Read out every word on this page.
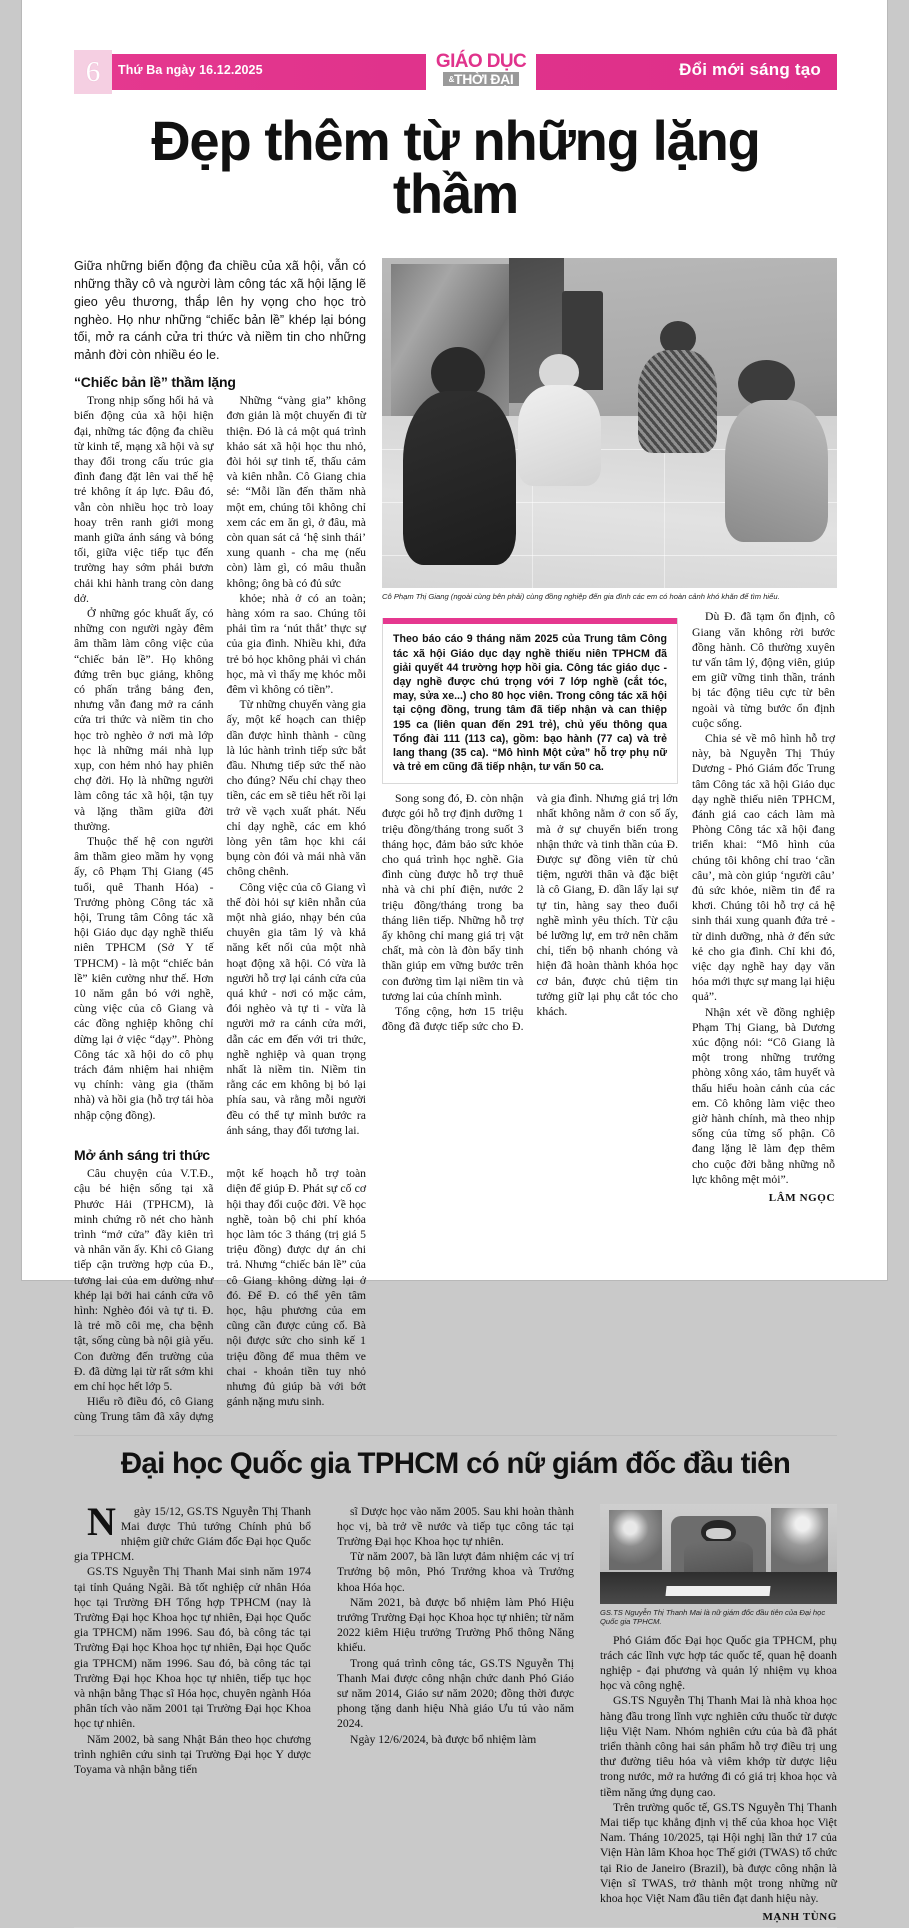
6 Thứ Ba ngày 16.12.2025	Đổi mới sáng tạo
GIÁO DỤC
&THỜI ĐẠI
Đẹp thêm từ những lặng thầm
Giữa những biến động đa chiều của xã hội, vẫn có những thầy cô và người làm công tác xã hội lặng lẽ gieo yêu thương, thắp lên hy vọng cho học trò nghèo. Họ như những “chiếc bản lề” khép lại bóng tối, mở ra cánh cửa tri thức và niềm tin cho những mảnh đời còn nhiều éo le.
“Chiếc bản lề” thầm lặng

Trong nhịp sống hối hả và biến động của xã hội hiện đại, những tác động đa chiều từ kinh tế, mạng xã hội và sự thay đổi trong cấu trúc gia đình đang đặt lên vai thế hệ trẻ không ít áp lực. Đâu đó, vẫn còn nhiều học trò loay hoay trên ranh giới mong manh giữa ánh sáng và bóng tối, giữa việc tiếp tục đến trường hay sớm phải bươn chải khi hành trang còn dang dở.

Ở những góc khuất ấy, có những con người ngày đêm âm thầm làm công việc của “chiếc bản lề”. Họ không đứng trên bục giảng, không có phấn trắng bảng đen, nhưng vẫn đang mở ra cánh cửa tri thức và niềm tin cho học trò nghèo ở nơi mà lớp học là những mái nhà lụp xụp, con hẻm nhỏ hay phiên chợ đời. Họ là những người làm công tác xã hội, tận tụy và lặng thầm giữa đời thường.

Thuộc thế hệ con người âm thầm gieo mầm hy vọng ấy, cô Phạm Thị Giang (45 tuổi, quê Thanh Hóa) - Trưởng phòng Công tác xã hội, Trung tâm Công tác xã hội Giáo dục dạy nghề thiếu niên TPHCM (Sở Y tế TPHCM) - là một “chiếc bản lề” kiên cường như thế. Hơn 10 năm gắn bó với nghề, cùng việc của cô Giang và các đồng nghiệp không chỉ dừng lại ở việc “dạy”. Phòng Công tác xã hội do cô phụ trách đảm nhiệm hai nhiệm vụ chính: vàng gia (thăm nhà) và hồi gia (hỗ trợ tái hòa nhập cộng đồng).

Những “vàng gia” không đơn giản là một chuyến đi từ thiện. Đó là cả một quá trình khảo sát xã hội học thu nhỏ, đòi hỏi sự tinh tế, thấu cảm và kiên nhẫn. Cô Giang chia sẻ: “Mỗi lần đến thăm nhà một em, chúng tôi không chỉ xem các em ăn gì, ở đâu, mà còn quan sát cả ‘hệ sinh thái’ xung quanh - cha mẹ (nếu còn) làm gì, có mâu thuẫn không; ông bà có đủ sức

khỏe; nhà ở có an toàn; hàng xóm ra sao. Chúng tôi phải tìm ra ‘nút thắt’ thực sự của gia đình. Nhiều khi, đứa trẻ bỏ học không phải vì chán học, mà vì thấy mẹ khóc mỗi đêm vì không có tiền”.

Từ những chuyến vàng gia ấy, một kế hoạch can thiệp dần được hình thành - cũng là lúc hành trình tiếp sức bắt đầu. Nhưng tiếp sức thế nào cho đúng? Nếu chỉ chạy theo tiền, các em sẽ tiêu hết rồi lại trở về vạch xuất phát. Nếu chỉ dạy nghề, các em khó lòng yên tâm học khi cái bụng còn đói và mái nhà văn chông chênh.

Công việc của cô Giang vì thế đòi hỏi sự kiên nhẫn của một nhà giáo, nhạy bén của chuyên gia tâm lý và khả năng kết nối của một nhà hoạt động xã hội. Có vừa là người hỗ trợ lại cánh cửa của quá khứ - nơi có mặc cảm, đói nghèo và tự ti - vừa là người mở ra cánh cửa mới, dẫn các em đến với tri thức, nghề nghiệp và quan trọng nhất là niềm tin. Niềm tin rằng các em không bị bỏ lại phía sau, và rằng mỗi người đều có thể tự mình bước ra ánh sáng, thay đổi tương lai.

Mở ánh sáng tri thức

Câu chuyện của V.T.Đ., cậu bé hiện sống tại xã Phước Hải (TPHCM), là minh chứng rõ nét cho hành trình “mở cửa” đầy kiên trì và nhân văn ấy. Khi cô Giang tiếp cận trường hợp của Đ., tương lai của em dường như khép lại bởi hai cánh cửa vô hình: Nghèo đói và tự ti. Đ. là trẻ mồ côi mẹ, cha bệnh tật, sống cùng bà nội già yếu. Con đường đến trường của Đ. đã dừng lại từ rất sớm khi em chỉ học hết lớp 5.

Hiểu rõ điều đó, cô Giang cùng Trung tâm đã xây dựng một kế hoạch hỗ trợ toàn diện để giúp Đ. Phát sự cố cơ hội thay đổi cuộc đời. Về học nghề, toàn bộ chi phí khóa học làm tóc 3 tháng (trị giá 5 triệu đồng) được dự án chi trả. Nhưng “chiếc bản lề” của cô Giang không dừng lại ở đó. Để Đ. có thể yên tâm học, hậu phương của em cũng cần được củng cố. Bà nội được sức cho sinh kế 1 triệu đồng để mua thêm ve chai - khoản tiền tuy nhỏ nhưng đủ giúp bà với bớt gánh nặng mưu sinh.

Cô Phạm Thị Giang (ngoài cùng bên phải) cùng đồng nghiệp đến gia đình các em có hoàn cảnh khó khăn để tìm hiểu.

Theo báo cáo 9 tháng năm 2025 của Trung tâm Công tác xã hội Giáo dục dạy nghề thiếu niên TPHCM đã giải quyết 44 trường hợp hồi gia. Công tác giáo dục - dạy nghề được chú trọng với 7 lớp nghề (cắt tóc, may, sửa xe...) cho 80 học viên. Trong công tác xã hội tại cộng đồng, trung tâm đã tiếp nhận và can thiệp 195 ca (liên quan đến 291 trẻ), chủ yếu thông qua Tổng đài 111 (113 ca), gồm: bạo hành (77 ca) và trẻ lang thang (35 ca). “Mô hình Một cửa” hỗ trợ phụ nữ và trẻ em cũng đã tiếp nhận, tư vấn 50 ca.

Song song đó, Đ. còn nhận được gói hỗ trợ định dưỡng 1 triệu đồng/tháng trong suốt 3 tháng học, đảm bảo sức khỏe cho quá trình học nghề. Gia đình cùng được hỗ trợ thuê nhà và chi phí điện, nước 2 triệu đồng/tháng trong ba tháng liên tiếp. Những hỗ trợ ấy không chỉ mang giá trị vật chất, mà còn là đòn bẩy tinh thần giúp em vững bước trên con đường tìm lại niềm tin và tương lai của chính mình.

Tổng cộng, hơn 15 triệu đồng đã được tiếp sức cho Đ. và gia đình. Nhưng giá trị lớn nhất không nằm ở con số ấy, mà ở sự chuyển biến trong nhận thức và tinh thần của Đ. Được sự đồng viên từ chủ tiệm, người thân và đặc biệt là cô Giang, Đ. dần lấy lại sự tự tin, hàng say theo đuổi nghề mình yêu thích. Từ cậu bé lưỡng lự, em trở nên chăm chỉ, tiến bộ nhanh chóng và hiện đã hoàn thành khóa học cơ bản, được chủ tiệm tin tưởng giữ lại phụ cắt tóc cho khách.

Dù Đ. đã tạm ổn định, cô Giang văn không rời bước đồng hành. Cô thường xuyên tư vấn tâm lý, động viên, giúp em giữ vững tinh thần, tránh bị tác động tiêu cực từ bên ngoài và từng bước ổn định cuộc sống.

Chia sẻ về mô hình hỗ trợ này, bà Nguyễn Thị Thúy Dương - Phó Giám đốc Trung tâm Công tác xã hội Giáo dục dạy nghề thiếu niên TPHCM, đánh giá cao cách làm mà Phòng Công tác xã hội đang triển khai: “Mô hình của chúng tôi không chỉ trao ‘cần câu’, mà còn giúp ‘người câu’ đủ sức khỏe, niềm tin để ra khơi. Chúng tôi hỗ trợ cả hệ sinh thái xung quanh đứa trẻ - từ dinh dưỡng, nhà ở đến sức kẻ cho gia đình. Chỉ khi đó, việc dạy nghề hay dạy văn hóa mới thực sự mang lại hiệu quả”.

Nhận xét về đồng nghiệp Phạm Thị Giang, bà Dương xúc động nói: “Cô Giang là một trong những trưởng phòng xông xáo, tâm huyết và thấu hiểu hoàn cảnh của các em. Cô không làm việc theo giờ hành chính, mà theo nhịp sống của từng số phận. Cô đang lặng lẽ làm đẹp thêm cho cuộc đời bằng những nỗ lực không mệt mỏi”.

LÂM NGỌC
Đại học Quốc gia TPHCM có nữ giám đốc đầu tiên

Ngày 15/12, GS.TS Nguyễn Thị Thanh Mai được Thủ tướng Chính phủ bổ nhiệm giữ chức Giám đốc Đại học Quốc gia TPHCM.

GS.TS Nguyễn Thị Thanh Mai sinh năm 1974 tại tỉnh Quảng Ngãi. Bà tốt nghiệp cử nhân Hóa học tại Trường ĐH Tổng hợp TPHCM (nay là Trường Đại học Khoa học tự nhiên, Đại học Quốc gia TPHCM) năm 1996. Sau đó, bà công tác tại Trường Đại học Khoa học tự nhiên, Đại học Quốc gia TPHCM) năm 1996. Sau đó, bà công tác tại Trường Đại học Khoa học tự nhiên, tiếp tục học và nhận bằng Thạc sĩ Hóa học, chuyên ngành Hóa phân tích vào năm 2001 tại Trường Đại học Khoa học tự nhiên.

Năm 2002, bà sang Nhật Bản theo học chương trình nghiên cứu sinh tại Trường Đại học Y dược Toyama và nhận bằng tiến

sĩ Dược học vào năm 2005. Sau khi hoàn thành học vị, bà trở về nước và tiếp tục công tác tại Trường Đại học Khoa học tự nhiên.

Từ năm 2007, bà lần lượt đảm nhiệm các vị trí Trưởng bộ môn, Phó Trưởng khoa và Trưởng khoa Hóa học.

Năm 2021, bà được bổ nhiệm làm Phó Hiệu trưởng Trường Đại học Khoa học tự nhiên; từ năm 2022 kiêm Hiệu trưởng Trường Phổ thông Năng khiếu.

Trong quá trình công tác, GS.TS Nguyễn Thị Thanh Mai được công nhận chức danh Phó Giáo sư năm 2014, Giáo sư năm 2020; đồng thời được phong tặng danh hiệu Nhà giáo Ưu tú vào năm 2024.

Ngày 12/6/2024, bà được bổ nhiệm làm

GS.TS Nguyễn Thị Thanh Mai là nữ giám đốc đầu tiên của Đại học Quốc gia TPHCM.

Phó Giám đốc Đại học Quốc gia TPHCM, phụ trách các lĩnh vực hợp tác quốc tế, quan hệ doanh nghiệp - đại phương và quản lý nhiệm vụ khoa học và công nghệ.

GS.TS Nguyễn Thị Thanh Mai là nhà khoa học hàng đầu trong lĩnh vực nghiên cứu thuốc từ dược liệu Việt Nam. Nhóm nghiên cứu của bà đã phát triển thành công hai sản phẩm hỗ trợ điều trị ung thư đường tiêu hóa và viêm khớp từ dược liệu trong nước, mở ra hướng đi có giá trị khoa học và tiềm năng ứng dụng cao.

Trên trường quốc tế, GS.TS Nguyễn Thị Thanh Mai tiếp tục khẳng định vị thế của khoa học Việt Nam. Tháng 10/2025, tại Hội nghị lần thứ 17 của Viện Hàn lâm Khoa học Thế giới (TWAS) tổ chức tại Rio de Janeiro (Brazil), bà được công nhận là Viện sĩ TWAS, trở thành một trong những nữ khoa học Việt Nam đầu tiên đạt danh hiệu này.

MẠNH TÙNG
